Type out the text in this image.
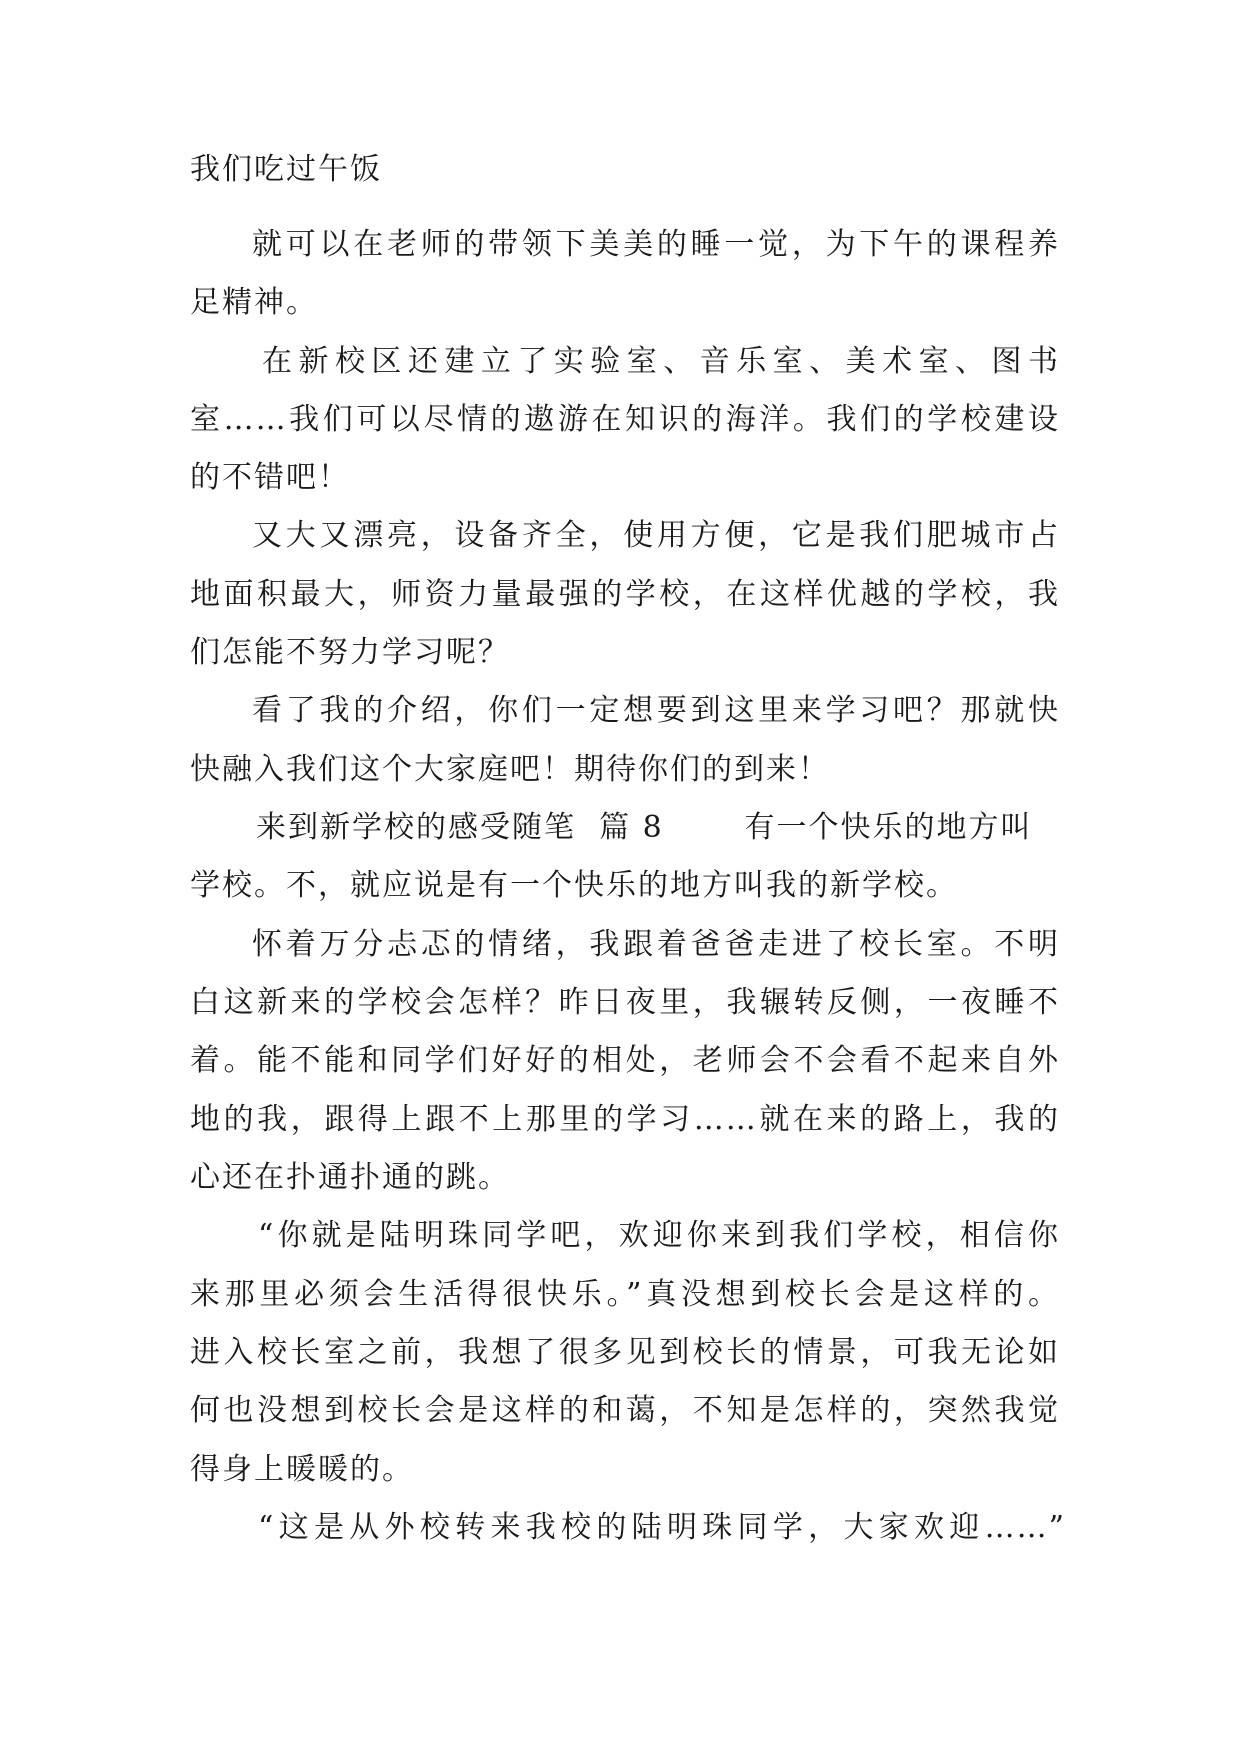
我们吃过午饭
就可以在老师的带领下美美的睡一觉，为下午的课程养
足精神。
在新校区还建立了实验室、音乐室、美术室、图书
室……我们可以尽情的遨游在知识的海洋。我们的学校建设
的不错吧！
又大又漂亮，设备齐全，使用方便，它是我们肥城市占
地面积最大，师资力量最强的学校，在这样优越的学校，我
们怎能不努力学习呢？
看了我的介绍，你们一定想要到这里来学习吧？那就快
快融入我们这个大家庭吧！期待你们的到来！
来到新学校的感受随笔  篇 8       有一个快乐的地方叫
学校。不，就应说是有一个快乐的地方叫我的新学校。
怀着万分忐忑的情绪，我跟着爸爸走进了校长室。不明
白这新来的学校会怎样？昨日夜里，我辗转反侧，一夜睡不
着。能不能和同学们好好的相处，老师会不会看不起来自外
地的我，跟得上跟不上那里的学习……就在来的路上，我的
心还在扑通扑通的跳。
“你就是陆明珠同学吧，欢迎你来到我们学校，相信你
来那里必须会生活得很快乐。”真没想到校长会是这样的。
进入校长室之前，我想了很多见到校长的情景，可我无论如
何也没想到校长会是这样的和蔼，不知是怎样的，突然我觉
得身上暖暖的。
“这是从外校转来我校的陆明珠同学，大家欢迎……”
